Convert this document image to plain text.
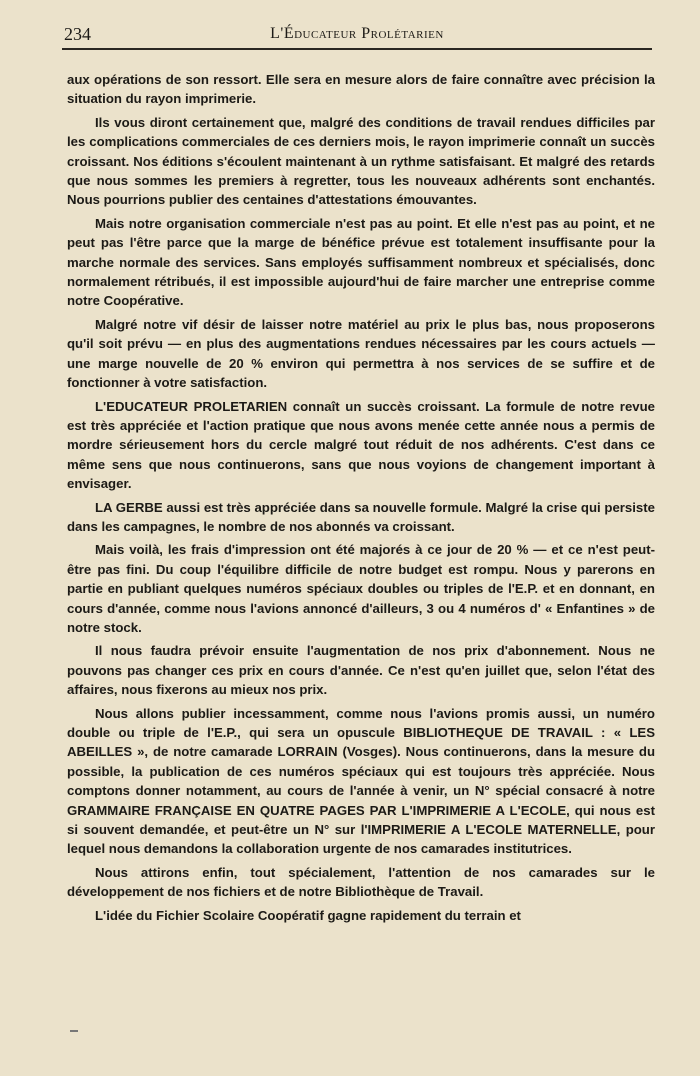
234	L'Éducateur Prolétarien

aux opérations de son ressort. Elle sera en mesure alors de faire connaître avec précision la situation du rayon imprimerie.

Ils vous diront certainement que, malgré des conditions de travail rendues difficiles par les complications commerciales de ces derniers mois, le rayon imprimerie connaît un succès croissant. Nos éditions s'écoulent maintenant à un rythme satisfaisant. Et malgré des retards que nous sommes les premiers à regretter, tous les nouveaux adhérents sont enchantés. Nous pourrions publier des centaines d'attestations émouvantes.

Mais notre organisation commerciale n'est pas au point. Et elle n'est pas au point, et ne peut pas l'être parce que la marge de bénéfice prévue est totalement insuffisante pour la marche normale des services. Sans employés suffisamment nombreux et spécialisés, donc normalement rétribués, il est impossible aujourd'hui de faire marcher une entreprise comme notre Coopérative.

Malgré notre vif désir de laisser notre matériel au prix le plus bas, nous proposerons qu'il soit prévu — en plus des augmentations rendues nécessaires par les cours actuels — une marge nouvelle de 20 % environ qui permettra à nos services de se suffire et de fonctionner à votre satisfaction.

L'EDUCATEUR PROLETARIEN connaît un succès croissant. La formule de notre revue est très appréciée et l'action pratique que nous avons menée cette année nous a permis de mordre sérieusement hors du cercle malgré tout réduit de nos adhérents. C'est dans ce même sens que nous continuerons, sans que nous voyions de changement important à envisager.

LA GERBE aussi est très appréciée dans sa nouvelle formule. Malgré la crise qui persiste dans les campagnes, le nombre de nos abonnés va croissant.

Mais voilà, les frais d'impression ont été majorés à ce jour de 20 % — et ce n'est peut-être pas fini. Du coup l'équilibre difficile de notre budget est rompu. Nous y parerons en partie en publiant quelques numéros spéciaux doubles ou triples de l'E.P. et en donnant, en cours d'année, comme nous l'avions annoncé d'ailleurs, 3 ou 4 numéros d' « Enfantines » de notre stock.

Il nous faudra prévoir ensuite l'augmentation de nos prix d'abonnement. Nous ne pouvons pas changer ces prix en cours d'année. Ce n'est qu'en juillet que, selon l'état des affaires, nous fixerons au mieux nos prix.

Nous allons publier incessamment, comme nous l'avions promis aussi, un numéro double ou triple de l'E.P., qui sera un opuscule BIBLIOTHEQUE DE TRAVAIL : « LES ABEILLES », de notre camarade LORRAIN (Vosges). Nous continuerons, dans la mesure du possible, la publication de ces numéros spéciaux qui est toujours très appréciée. Nous comptons donner notamment, au cours de l'année à venir, un N° spécial consacré à notre GRAMMAIRE FRANÇAISE EN QUATRE PAGES PAR L'IMPRIMERIE A L'ECOLE, qui nous est si souvent demandée, et peut-être un N° sur l'IMPRIMERIE A L'ECOLE MATERNELLE, pour lequel nous demandons la collaboration urgente de nos camarades institutrices.

Nous attirons enfin, tout spécialement, l'attention de nos camarades sur le développement de nos fichiers et de notre Bibliothèque de Travail.

L'idée du Fichier Scolaire Coopératif gagne rapidement du terrain et
